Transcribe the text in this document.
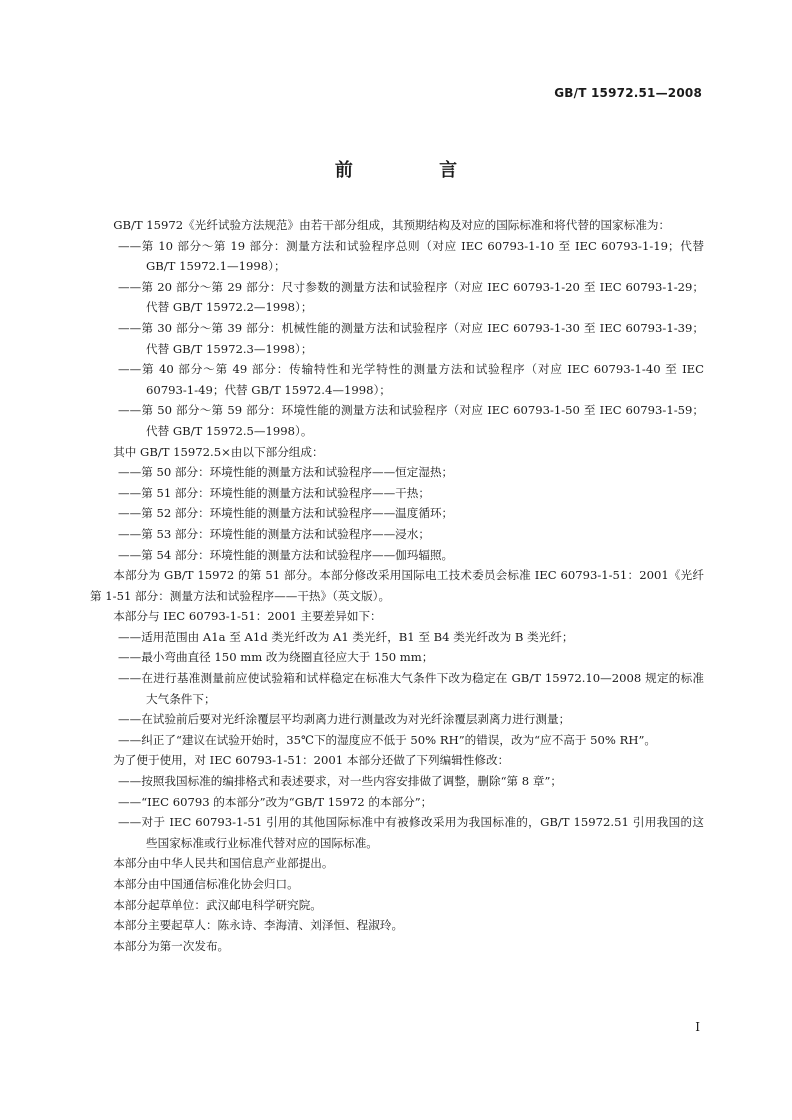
GB/T 15972.51—2008
前 言

GB/T 15972《光纤试验方法规范》由若干部分组成，其预期结构及对应的国际标准和将代替的国家标准为：

——第 10 部分～第 19 部分：测量方法和试验程序总则（对应 IEC 60793-1-10 至 IEC 60793-1-19；代替 GB/T 15972.1—1998）；

——第 20 部分～第 29 部分：尺寸参数的测量方法和试验程序（对应 IEC 60793-1-20 至 IEC 60793-1-29；代替 GB/T 15972.2—1998）；

——第 30 部分～第 39 部分：机械性能的测量方法和试验程序（对应 IEC 60793-1-30 至 IEC 60793-1-39；代替 GB/T 15972.3—1998）；

——第 40 部分～第 49 部分：传输特性和光学特性的测量方法和试验程序（对应 IEC 60793-1-40 至 IEC 60793-1-49；代替 GB/T 15972.4—1998）；

——第 50 部分～第 59 部分：环境性能的测量方法和试验程序（对应 IEC 60793-1-50 至 IEC 60793-1-59；代替 GB/T 15972.5—1998）。

其中 GB/T 15972.5×由以下部分组成：

——第 50 部分：环境性能的测量方法和试验程序——恒定湿热；

——第 51 部分：环境性能的测量方法和试验程序——干热；

——第 52 部分：环境性能的测量方法和试验程序——温度循环；

——第 53 部分：环境性能的测量方法和试验程序——浸水；

——第 54 部分：环境性能的测量方法和试验程序——伽玛辐照。

本部分为 GB/T 15972 的第 51 部分。本部分修改采用国际电工技术委员会标准 IEC 60793-1-51：2001《光纤　第 1-51 部分：测量方法和试验程序——干热》（英文版）。

本部分与 IEC 60793-1-51：2001 主要差异如下：

——适用范围由 A1a 至 A1d 类光纤改为 A1 类光纤，B1 至 B4 类光纤改为 B 类光纤；

——最小弯曲直径 150 mm 改为绕圈直径应大于 150 mm；

——在进行基准测量前应使试验箱和试样稳定在标准大气条件下改为稳定在 GB/T 15972.10—2008 规定的标准大气条件下；

——在试验前后要对光纤涂覆层平均剥离力进行测量改为对光纤涂覆层剥离力进行测量；

——纠正了“建议在试验开始时，35℃下的湿度应不低于 50% RH”的错误，改为“应不高于 50% RH”。

为了便于使用，对 IEC 60793-1-51：2001 本部分还做了下列编辑性修改：

——按照我国标准的编排格式和表述要求，对一些内容安排做了调整，删除“第 8 章”；

——“IEC 60793 的本部分”改为“GB/T 15972 的本部分”；

——对于 IEC 60793-1-51 引用的其他国际标准中有被修改采用为我国标准的，GB/T 15972.51 引用我国的这些国家标准或行业标准代替对应的国际标准。

本部分由中华人民共和国信息产业部提出。

本部分由中国通信标准化协会归口。

本部分起草单位：武汉邮电科学研究院。

本部分主要起草人：陈永诗、李海清、刘泽恒、程淑玲。

本部分为第一次发布。

I
